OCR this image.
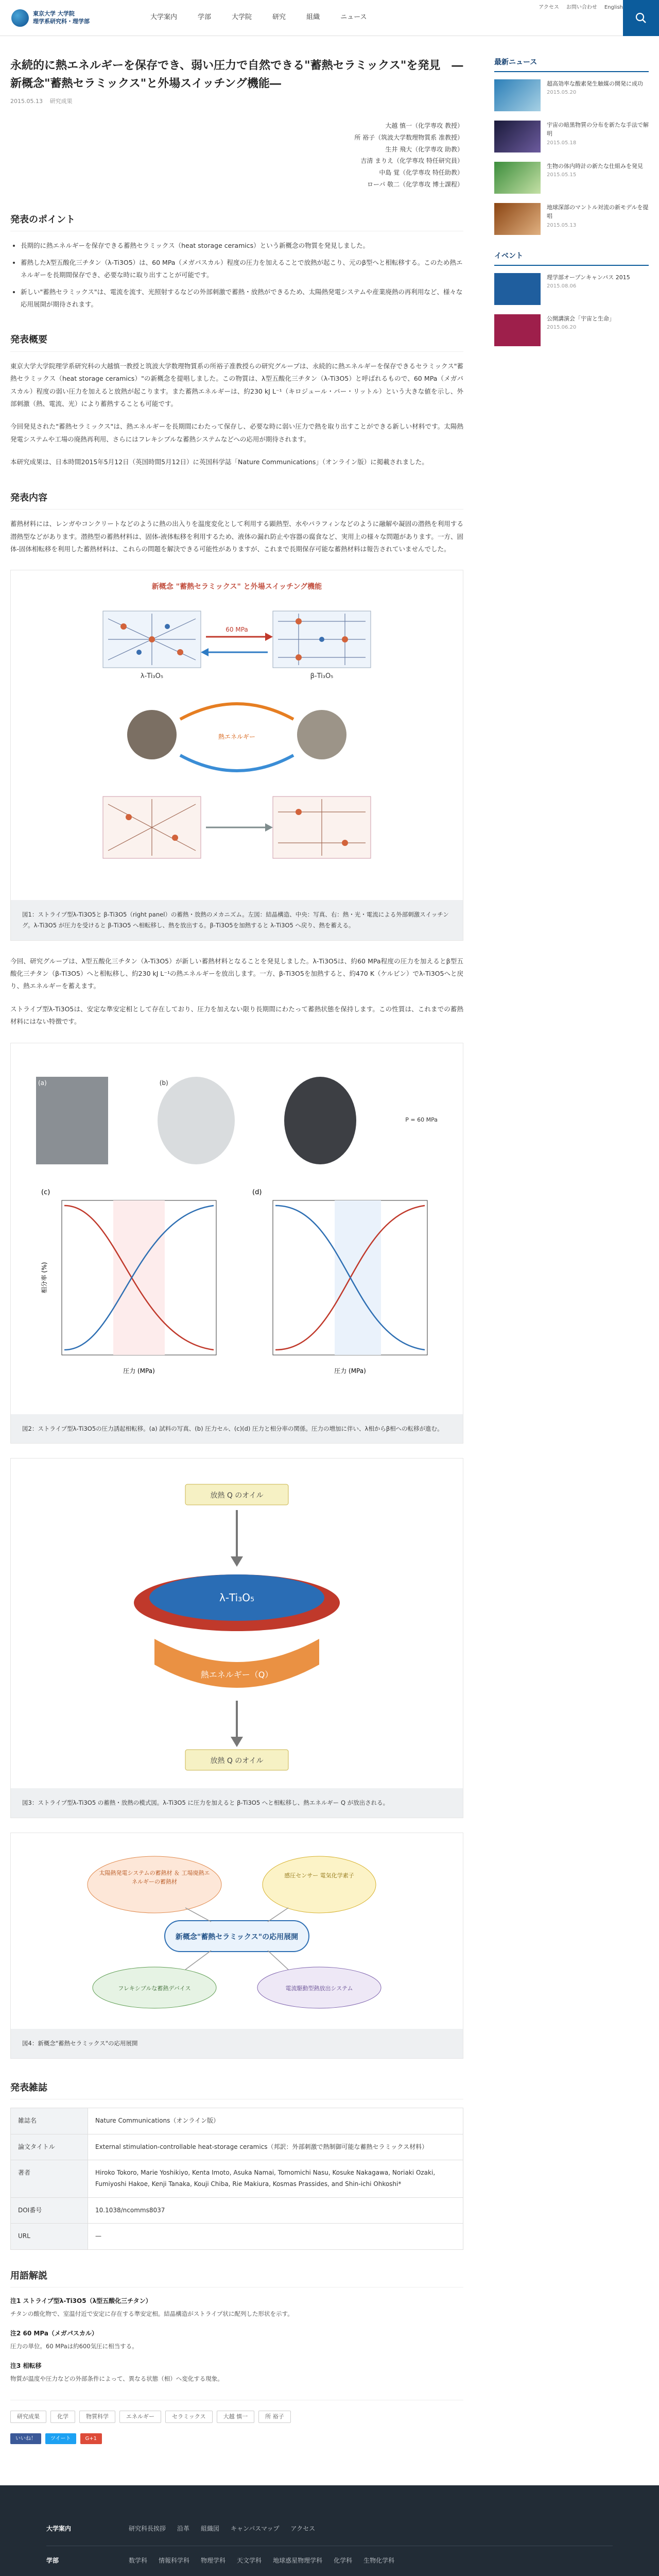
東京大学 大学院
理学系研究科・理学部	大学案内	学部	大学院	研究	組織	ニュース
アクセス お問い合わせ English
永続的に熱エネルギーを保存でき、弱い圧力で自然できる"蓄熱セラミックス"を発見　―新概念"蓄熱セラミックス"と外場スイッチング機能―
2015.05.13 研究成果
大越 慎一（化学専攻 教授）
所 裕子（筑波大学数理物質系 准教授）
生井 飛大（化学専攻 助教）
吉清 まりえ（化学専攻 特任研究員）
中島 覚（化学専攻 特任助教）
ローパ 敬二（化学専攻 博士課程）
発表のポイント
• 長期的に熱エネルギーを保存できる蓄熱セラミックス（heat storage ceramics）という新概念の物質を発見しました。
• 蓄熱したλ型五酸化三チタン（λ-Ti3O5）は、60 MPa（メガパスカル）程度の圧力を加えることで放熱が起こり、元のβ型へと相転移する。このため熱エネルギーを長期間保存でき、必要な時に取り出すことが可能です。
• 新しい"蓄熱セラミックス"は、電流を流す、光照射するなどの外部刺激で蓄熱・放熱ができるため、太陽熱発電システムや産業廃熱の再利用など、様々な応用展開が期待されます。
発表概要

東京大学大学院理学系研究科の大越慎一教授と筑波大学数理物質系の所裕子准教授らの研究グループは、永続的に熱エネルギーを保存できるセラミックス"蓄熱セラミックス（heat storage ceramics）"の新概念を提唱しました。この物質は、λ型五酸化三チタン（λ-Ti3O5）と呼ばれるもので、60 MPa（メガパスカル）程度の弱い圧力を加えると放熱が起こります。また蓄熱エネルギーは、約230 kJ L⁻¹（キロジュール・パー・リットル）という大きな値を示し、外部刺激（熱、電流、光）により蓄熱することも可能です。

今回発見された"蓄熱セラミックス"は、熱エネルギーを長期間にわたって保存し、必要な時に弱い圧力で熱を取り出すことができる新しい材料です。太陽熱発電システムや工場の廃熱再利用、さらにはフレキシブルな蓄熱システムなどへの応用が期待されます。

本研究成果は、日本時間2015年5月12日（英国時間5月12日）に英国科学誌「Nature Communications」（オンライン版）に掲載されました。

発表内容

蓄熱材料には、レンガやコンクリートなどのように熱の出入りを温度変化として利用する顕熱型、水やパラフィンなどのように融解や凝固の潜熱を利用する潜熱型などがあります。潜熱型の蓄熱材料は、固体-液体転移を利用するため、液体の漏れ防止や容器の腐食など、実用上の様々な問題があります。一方、固体-固体相転移を利用した蓄熱材料は、これらの問題を解決できる可能性がありますが、これまで長期保存可能な蓄熱材料は報告されていませんでした。

新概念 "蓄熱セラミックス" と外場スイッチング機能
λ-Ti₃O₅	β-Ti₃O₅
60 MPa
熱エネルギー
図1：ストライプ型λ-Ti3O5と β-Ti3O5（right panel）の蓄熱・放熱のメカニズム。左図：結晶構造、中央：写真、右：熱・光・電流による外部刺激スイッチング。λ-Ti3O5 が圧力を受けると β-Ti3O5 へ相転移し、熱を放出する。β-Ti3O5を加熱すると λ-Ti3O5 へ戻り、熱を蓄える。

今回、研究グループは、λ型五酸化三チタン（λ-Ti3O5）が新しい蓄熱材料となることを発見しました。λ-Ti3O5は、約60 MPa程度の圧力を加えるとβ型五酸化三チタン（β-Ti3O5）へと相転移し、約230 kJ L⁻¹の熱エネルギーを放出します。一方、β-Ti3O5を加熱すると、約470 K（ケルビン）でλ-Ti3O5へと戻り、熱エネルギーを蓄えます。

ストライプ型λ-Ti3O5は、安定な準安定相として存在しており、圧力を加えない限り長期間にわたって蓄熱状態を保持します。この性質は、これまでの蓄熱材料にはない特徴です。

(a)	(b)
P = 60 MPa
(c)
圧力 (MPa)
相分率 (%)
(d)
圧力 (MPa)
図2：ストライプ型λ-Ti3O5の圧力誘起相転移。(a) 試料の写真、(b) 圧力セル、(c)(d) 圧力と相分率の関係。圧力の増加に伴い、λ相からβ相への転移が進む。
放熱 Q のオイル
λ-Ti₃O₅
熱エネルギー（Q）
放熱 Q のオイル
図3：ストライプ型λ-Ti3O5 の蓄熱・放熱の模式図。λ-Ti3O5 に圧力を加えると β-Ti3O5 へと相転移し、熱エネルギー Q が放出される。
太陽熱発電システムの蓄熱材 ＆ 工場廃熱エネルギーの蓄熱材
感圧センサー 電気化学素子
新概念"蓄熱セラミックス"の応用展開
フレキシブルな蓄熱デバイス	電流駆動型熱放出システム
図4：新概念"蓄熱セラミックス"の応用展開
発表雑誌
雑誌名	Nature Communications（オンライン版）
論文タイトル	External stimulation-controllable heat-storage ceramics（邦訳：外部刺激で熱制御可能な蓄熱セラミックス材料）
著者	Hiroko Tokoro, Marie Yoshikiyo, Kenta Imoto, Asuka Namai, Tomomichi Nasu, Kosuke Nakagawa, Noriaki Ozaki, Fumiyoshi Hakoe, Kenji Tanaka, Kouji Chiba, Rie Makiura, Kosmas Prassides, and Shin-ichi Ohkoshi*
DOI番号	10.1038/ncomms8037
URL	—
用語解説
注1 ストライプ型λ-Ti3O5（λ型五酸化三チタン）
チタンの酸化物で、室温付近で安定に存在する準安定相。結晶構造がストライプ状に配列した形状を示す。
注2 60 MPa（メガパスカル）
圧力の単位。60 MPaは約600気圧に相当する。
注3 相転移
物質が温度や圧力などの外部条件によって、異なる状態（相）へ変化する現象。
研究成果	化学	物質科学	エネルギー	セラミックス	大越 慎一	所 裕子
いいね！	ツイート	G+1
最新ニュース
超高効率な酸素発生触媒の開発に成功
2015.05.20
宇宙の暗黒物質の分布を新たな手法で解明
2015.05.18
生物の体内時計の新たな仕組みを発見
2015.05.15
地球深部のマントル対流の新モデルを提唱
2015.05.13
イベント
理学部オープンキャンパス 2015
2015.08.06
公開講演会「宇宙と生命」
2015.06.20
大学案内	研究科長挨拶 沿革 組織図 キャンパスマップ アクセス
学部	数学科 情報科学科 物理学科 天文学科 地球惑星物理学科 化学科 生物化学科
